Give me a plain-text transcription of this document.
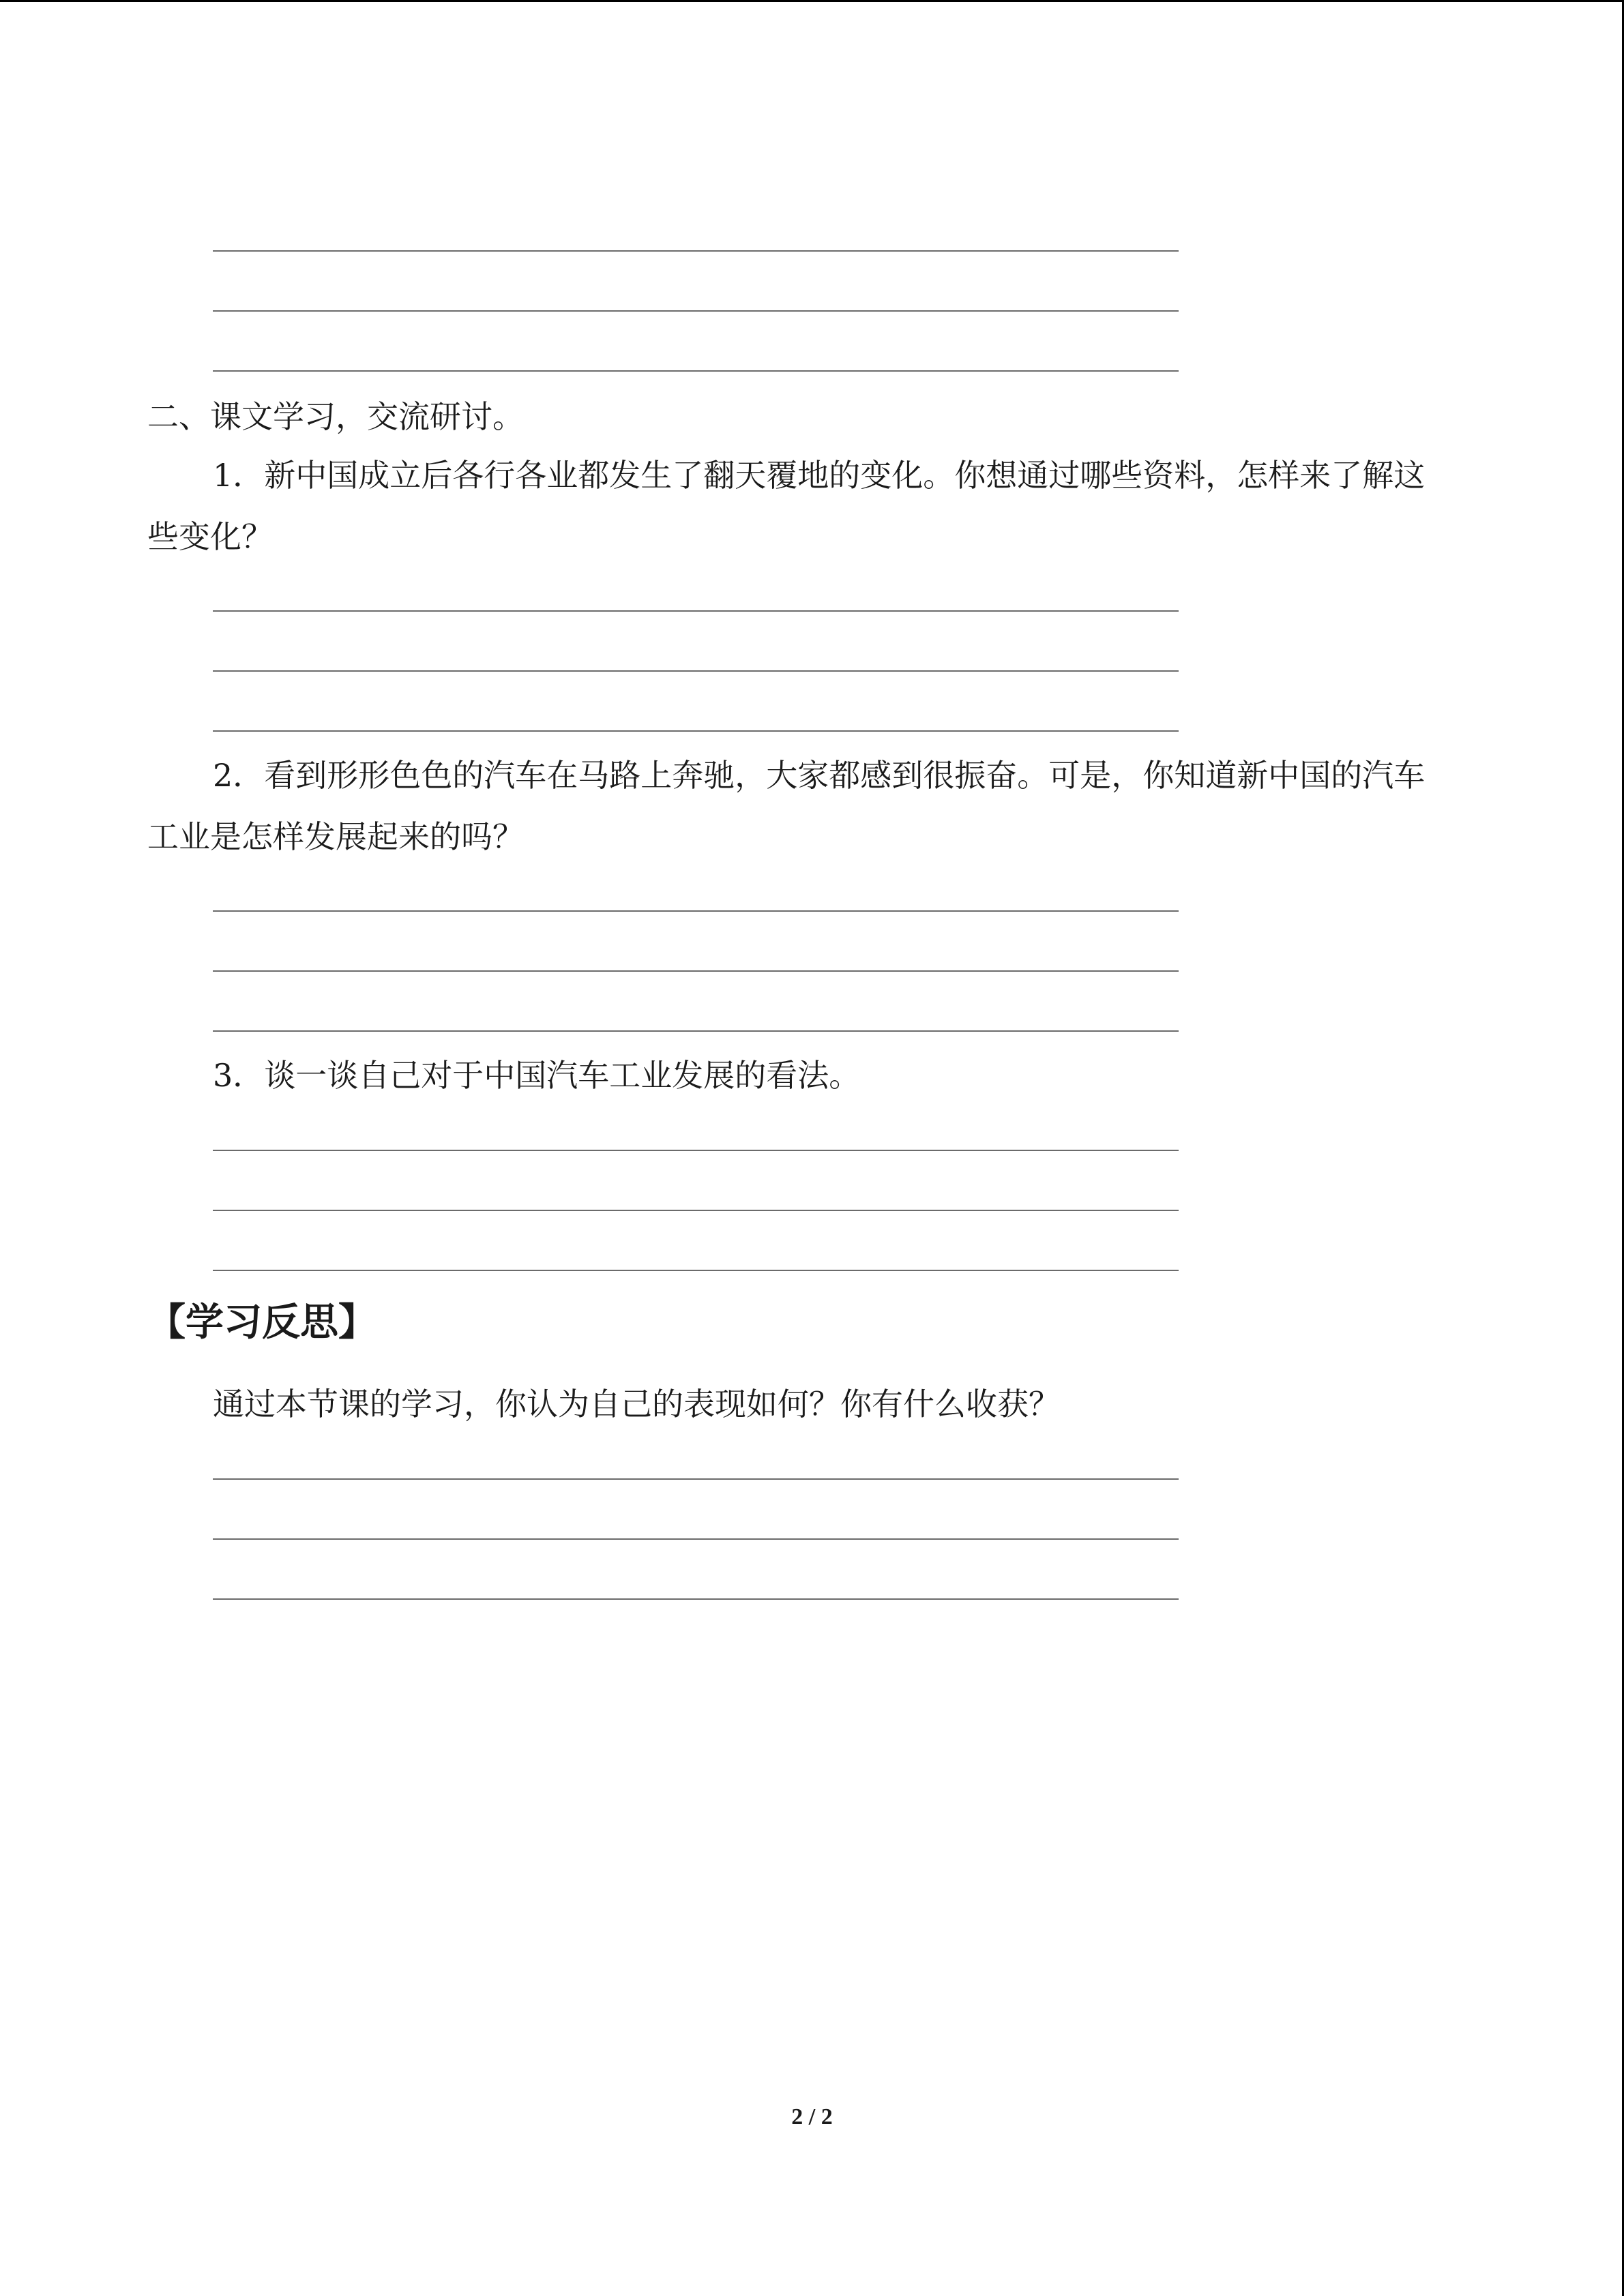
二、课文学习，交流研讨。
1．新中国成立后各行各业都发生了翻天覆地的变化。你想通过哪些资料，怎样来了解这
些变化？
2．看到形形色色的汽车在马路上奔驰，大家都感到很振奋。可是，你知道新中国的汽车
工业是怎样发展起来的吗？
3．谈一谈自己对于中国汽车工业发展的看法。
【学习反思】
通过本节课的学习，你认为自己的表现如何？你有什么收获？
2 / 2
